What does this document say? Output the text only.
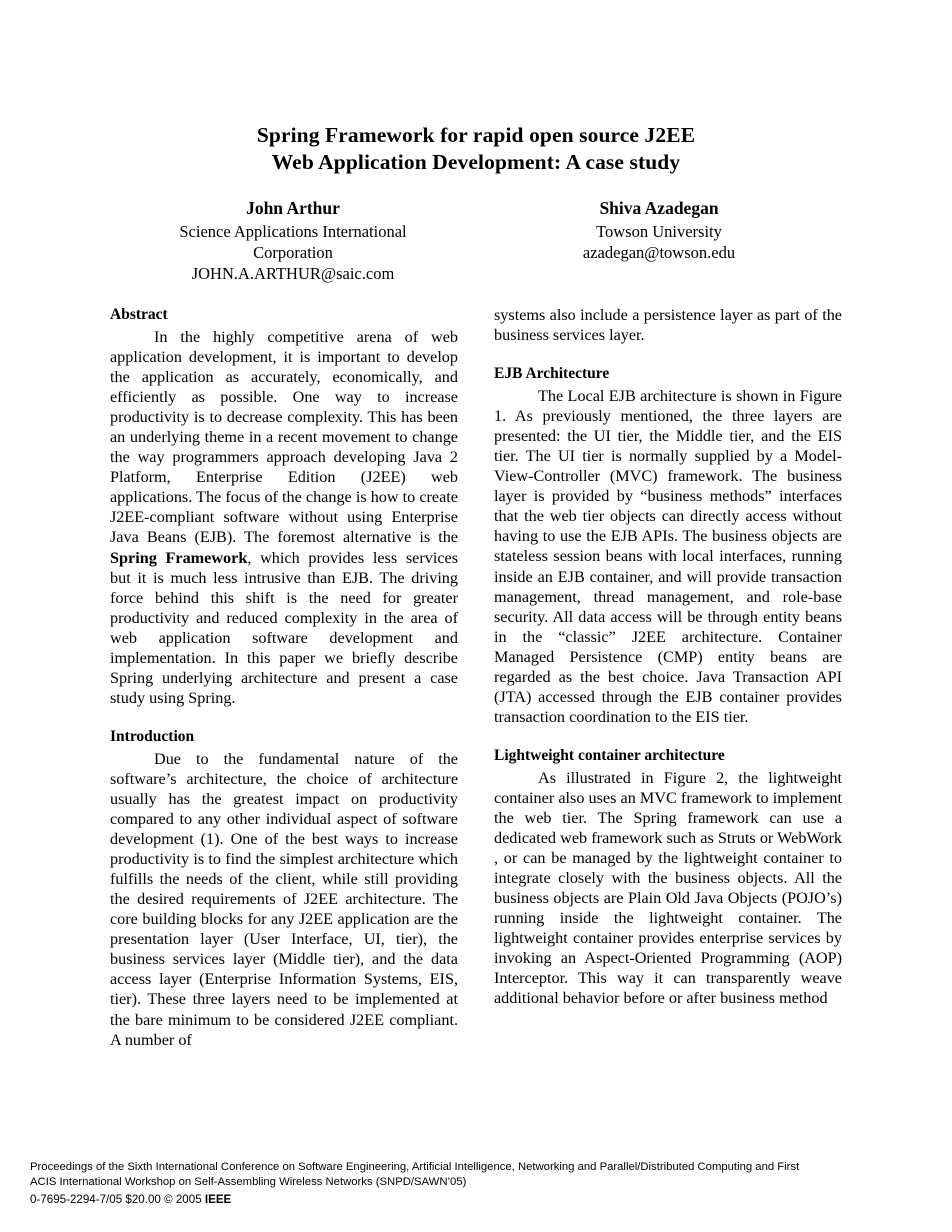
Spring Framework for rapid open source J2EE
Web Application Development: A case study
John Arthur
Science Applications International
Corporation
JOHN.A.ARTHUR@saic.com
Shiva Azadegan
Towson University
azadegan@towson.edu
Abstract

In the highly competitive arena of web application development, it is important to develop the application as accurately, economically, and efficiently as possible. One way to increase productivity is to decrease complexity. This has been an underlying theme in a recent movement to change the way programmers approach developing Java 2 Platform, Enterprise Edition (J2EE) web applications. The focus of the change is how to create J2EE-compliant software without using Enterprise Java Beans (EJB). The foremost alternative is the Spring Framework, which provides less services but it is much less intrusive than EJB. The driving force behind this shift is the need for greater productivity and reduced complexity in the area of web application software development and implementation. In this paper we briefly describe Spring underlying architecture and present a case study using Spring.

Introduction

Due to the fundamental nature of the software’s architecture, the choice of architecture usually has the greatest impact on productivity compared to any other individual aspect of software development (1). One of the best ways to increase productivity is to find the simplest architecture which fulfills the needs of the client, while still providing the desired requirements of J2EE architecture. The core building blocks for any J2EE application are the presentation layer (User Interface, UI, tier), the business services layer (Middle tier), and the data access layer (Enterprise Information Systems, EIS, tier). These three layers need to be implemented at the bare minimum to be considered J2EE compliant. A number of

systems also include a persistence layer as part of the business services layer.

EJB Architecture

The Local EJB architecture is shown in Figure 1. As previously mentioned, the three layers are presented: the UI tier, the Middle tier, and the EIS tier. The UI tier is normally supplied by a Model-View-Controller (MVC) framework. The business layer is provided by “business methods” interfaces that the web tier objects can directly access without having to use the EJB APIs. The business objects are stateless session beans with local interfaces, running inside an EJB container, and will provide transaction management, thread management, and role-base security. All data access will be through entity beans in the “classic” J2EE architecture. Container Managed Persistence (CMP) entity beans are regarded as the best choice. Java Transaction API (JTA) accessed through the EJB container provides transaction coordination to the EIS tier.

Lightweight container architecture

As illustrated in Figure 2, the lightweight container also uses an MVC framework to implement the web tier. The Spring framework can use a dedicated web framework such as Struts or WebWork , or can be managed by the lightweight container to integrate closely with the business objects. All the business objects are Plain Old Java Objects (POJO’s) running inside the lightweight container. The lightweight container provides enterprise services by invoking an Aspect-Oriented Programming (AOP) Interceptor. This way it can transparently weave additional behavior before or after business method

Proceedings of the Sixth International Conference on Software Engineering, Artificial Intelligence, Networking and Parallel/Distributed Computing and First
ACIS International Workshop on Self-Assembling Wireless Networks (SNPD/SAWN’05)
0-7695-2294-7/05 $20.00 © 2005 IEEE
